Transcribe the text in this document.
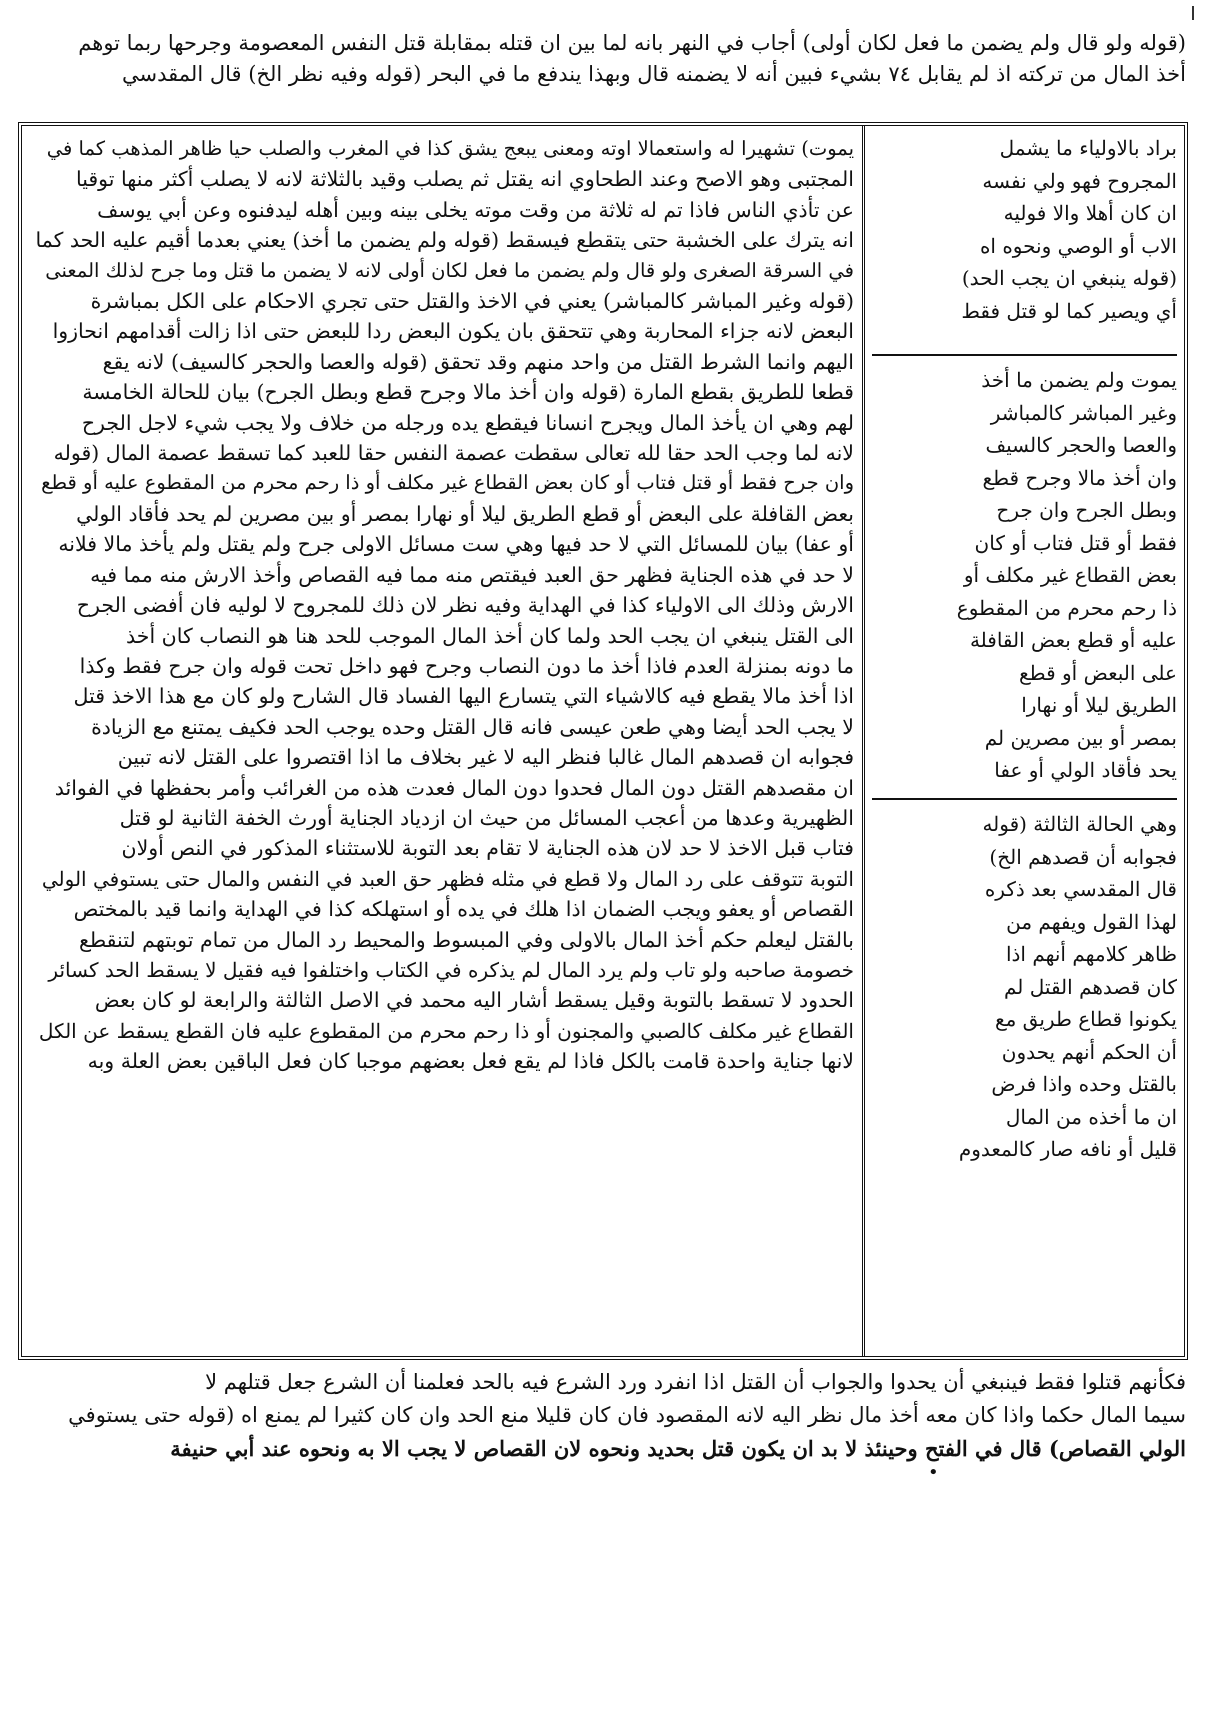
(قوله ولو قال ولم يضمن ما فعل لكان أولى) أجاب في النهر بانه لما بين ان قتله بمقابلة قتل النفس المعصومة وجرحها ربما توهم
أخذ المال من تركته اذ لم يقابل ٧٤ بشيء فبين أنه لا يضمنه قال وبهذا يندفع ما في البحر (قوله وفيه نظر الخ) قال المقدسي
يموت) تشهيرا له واستعمالا اوته ومعنى يبعج يشق كذا في المغرب والصلب حيا ظاهر المذهب كما في
المجتبى وهو الاصح وعند الطحاوي انه يقتل ثم يصلب وقيد بالثلاثة لانه لا يصلب أكثر منها توقيا
عن تأذي الناس فاذا تم له ثلاثة من وقت موته يخلى بينه وبين أهله ليدفنوه وعن أبي يوسف
انه يترك على الخشبة حتى يتقطع فيسقط (قوله ولم يضمن ما أخذ) يعني بعدما أقيم عليه الحد كما
في السرقة الصغرى ولو قال ولم يضمن ما فعل لكان أولى لانه لا يضمن ما قتل وما جرح لذلك المعنى
(قوله وغير المباشر كالمباشر) يعني في الاخذ والقتل حتى تجري الاحكام على الكل بمباشرة
البعض لانه جزاء المحاربة وهي تتحقق بان يكون البعض ردا للبعض حتى اذا زالت أقدامهم انحازوا
اليهم وانما الشرط القتل من واحد منهم وقد تحقق (قوله والعصا والحجر كالسيف) لانه يقع
قطعا للطريق بقطع المارة (قوله وان أخذ مالا وجرح قطع وبطل الجرح) بيان للحالة الخامسة
لهم وهي ان يأخذ المال ويجرح انسانا فيقطع يده ورجله من خلاف ولا يجب شيء لاجل الجرح
لانه لما وجب الحد حقا لله تعالى سقطت عصمة النفس حقا للعبد كما تسقط عصمة المال (قوله
وان جرح فقط أو قتل فتاب أو كان بعض القطاع غير مكلف أو ذا رحم محرم من المقطوع عليه أو قطع
بعض القافلة على البعض أو قطع الطريق ليلا أو نهارا بمصر أو بين مصرين لم يحد فأقاد الولي
أو عفا) بيان للمسائل التي لا حد فيها وهي ست مسائل الاولى جرح ولم يقتل ولم يأخذ مالا فلانه
لا حد في هذه الجناية فظهر حق العبد فيقتص منه مما فيه القصاص وأخذ الارش منه مما فيه
الارش وذلك الى الاولياء كذا في الهداية وفيه نظر لان ذلك للمجروح لا لوليه فان أفضى الجرح
الى القتل ينبغي ان يجب الحد ولما كان أخذ المال الموجب للحد هنا هو النصاب كان أخذ
ما دونه بمنزلة العدم فاذا أخذ ما دون النصاب وجرح فهو داخل تحت قوله وان جرح فقط وكذا
اذا أخذ مالا يقطع فيه كالاشياء التي يتسارع اليها الفساد قال الشارح ولو كان مع هذا الاخذ قتل
لا يجب الحد أيضا وهي طعن عيسى فانه قال القتل وحده يوجب الحد فكيف يمتنع مع الزيادة
فجوابه ان قصدهم المال غالبا فنظر اليه لا غير بخلاف ما اذا اقتصروا على القتل لانه تبين
ان مقصدهم القتل دون المال فحدوا دون المال فعدت هذه من الغرائب وأمر بحفظها في الفوائد
الظهيرية وعدها من أعجب المسائل من حيث ان ازدياد الجناية أورث الخفة الثانية لو قتل
فتاب قبل الاخذ لا حد لان هذه الجناية لا تقام بعد التوبة للاستثناء المذكور في النص أولان
التوبة تتوقف على رد المال ولا قطع في مثله فظهر حق العبد في النفس والمال حتى يستوفي الولي
القصاص أو يعفو ويجب الضمان اذا هلك في يده أو استهلكه كذا في الهداية وانما قيد بالمختص
بالقتل ليعلم حكم أخذ المال بالاولى وفي المبسوط والمحيط رد المال من تمام توبتهم لتنقطع
خصومة صاحبه ولو تاب ولم يرد المال لم يذكره في الكتاب واختلفوا فيه فقيل لا يسقط الحد كسائر
الحدود لا تسقط بالتوبة وقيل يسقط أشار اليه محمد في الاصل الثالثة والرابعة لو كان بعض
القطاع غير مكلف كالصبي والمجنون أو ذا رحم محرم من المقطوع عليه فان القطع يسقط عن الكل
لانها جناية واحدة قامت بالكل فاذا لم يقع فعل بعضهم موجبا كان فعل الباقين بعض العلة وبه
براد بالاولياء ما يشمل
المجروح فهو ولي نفسه
ان كان أهلا والا فوليه
الاب أو الوصي ونحوه اه
(قوله ينبغي ان يجب الحد)
أي ويصير كما لو قتل فقط
يموت ولم يضمن ما أخذ
وغير المباشر كالمباشر
والعصا والحجر كالسيف
وان أخذ مالا وجرح قطع
وبطل الجرح وان جرح
فقط أو قتل فتاب أو كان
بعض القطاع غير مكلف أو
ذا رحم محرم من المقطوع
عليه أو قطع بعض القافلة
على البعض أو قطع
الطريق ليلا أو نهارا
بمصر أو بين مصرين لم
يحد فأقاد الولي أو عفا
وهي الحالة الثالثة (قوله
فجوابه أن قصدهم الخ)
قال المقدسي بعد ذكره
لهذا القول ويفهم من
ظاهر كلامهم أنهم اذا
كان قصدهم القتل لم
يكونوا قطاع طريق مع
أن الحكم أنهم يحدون
بالقتل وحده واذا فرض
ان ما أخذه من المال
قليل أو نافه صار كالمعدوم
فكأنهم قتلوا فقط فينبغي أن يحدوا والجواب أن القتل اذا انفرد ورد الشرع فيه بالحد فعلمنا أن الشرع جعل قتلهم لا
سيما المال حكما واذا كان معه أخذ مال نظر اليه لانه المقصود فان كان قليلا منع الحد وان كان كثيرا لم يمنع اه (قوله حتى يستوفي
الولي القصاص) قال في الفتح وحينئذ لا بد ان يكون قتل بحديد ونحوه لان القصاص لا يجب الا به ونحوه عند أبي حنيفة
•
